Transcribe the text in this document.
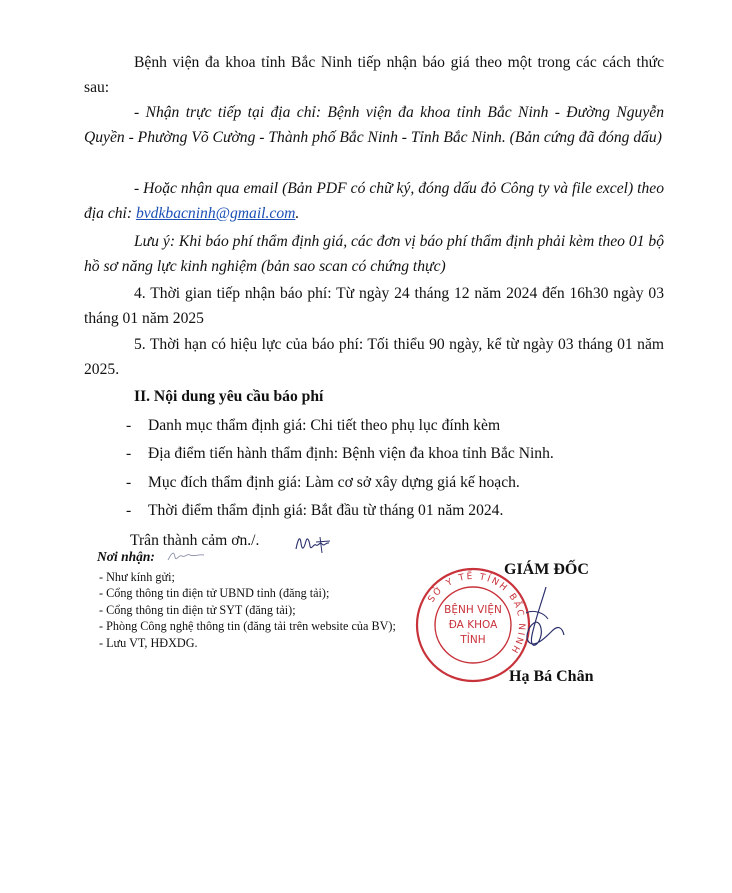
Bệnh viện đa khoa tỉnh Bắc Ninh tiếp nhận báo giá theo một trong các cách thức sau:

- Nhận trực tiếp tại địa chỉ: Bệnh viện đa khoa tỉnh Bắc Ninh - Đường Nguyễn Quyền - Phường Võ Cường - Thành phố Bắc Ninh - Tỉnh Bắc Ninh. (Bản cứng đã đóng dấu)

- Hoặc nhận qua email (Bản PDF có chữ ký, đóng dấu đỏ Công ty và file excel) theo địa chỉ: bvdkbacninh@gmail.com.

Lưu ý: Khi báo phí thẩm định giá, các đơn vị báo phí thẩm định phải kèm theo 01 bộ hồ sơ năng lực kinh nghiệm (bản sao scan có chứng thực)

4. Thời gian tiếp nhận báo phí: Từ ngày 24 tháng 12 năm 2024 đến 16h30 ngày 03 tháng 01 năm 2025

5. Thời hạn có hiệu lực của báo phí: Tối thiểu 90 ngày, kể từ ngày 03 tháng 01 năm 2025.

II. Nội dung yêu cầu báo phí

- Danh mục thẩm định giá: Chi tiết theo phụ lục đính kèm

- Địa điểm tiến hành thẩm định: Bệnh viện đa khoa tỉnh Bắc Ninh.

- Mục đích thẩm định giá: Làm cơ sở xây dựng giá kế hoạch.

- Thời điểm thẩm định giá: Bắt đầu từ tháng 01 năm 2024.

Trân thành cảm ơn./.

Nơi nhận:
- Như kính gửi;
- Cổng thông tin điện tử UBND tỉnh (đăng tải);
- Cổng thông tin điện tử SYT (đăng tải);
- Phòng Công nghệ thông tin (đăng tải trên website của BV);
- Lưu VT, HĐXDG.
GIÁM ĐỐC
SỞ Y TẾ TỈNH BẮC NINH
BỆNH VIỆN
ĐA KHOA
TỈNH
Hạ Bá Chân
